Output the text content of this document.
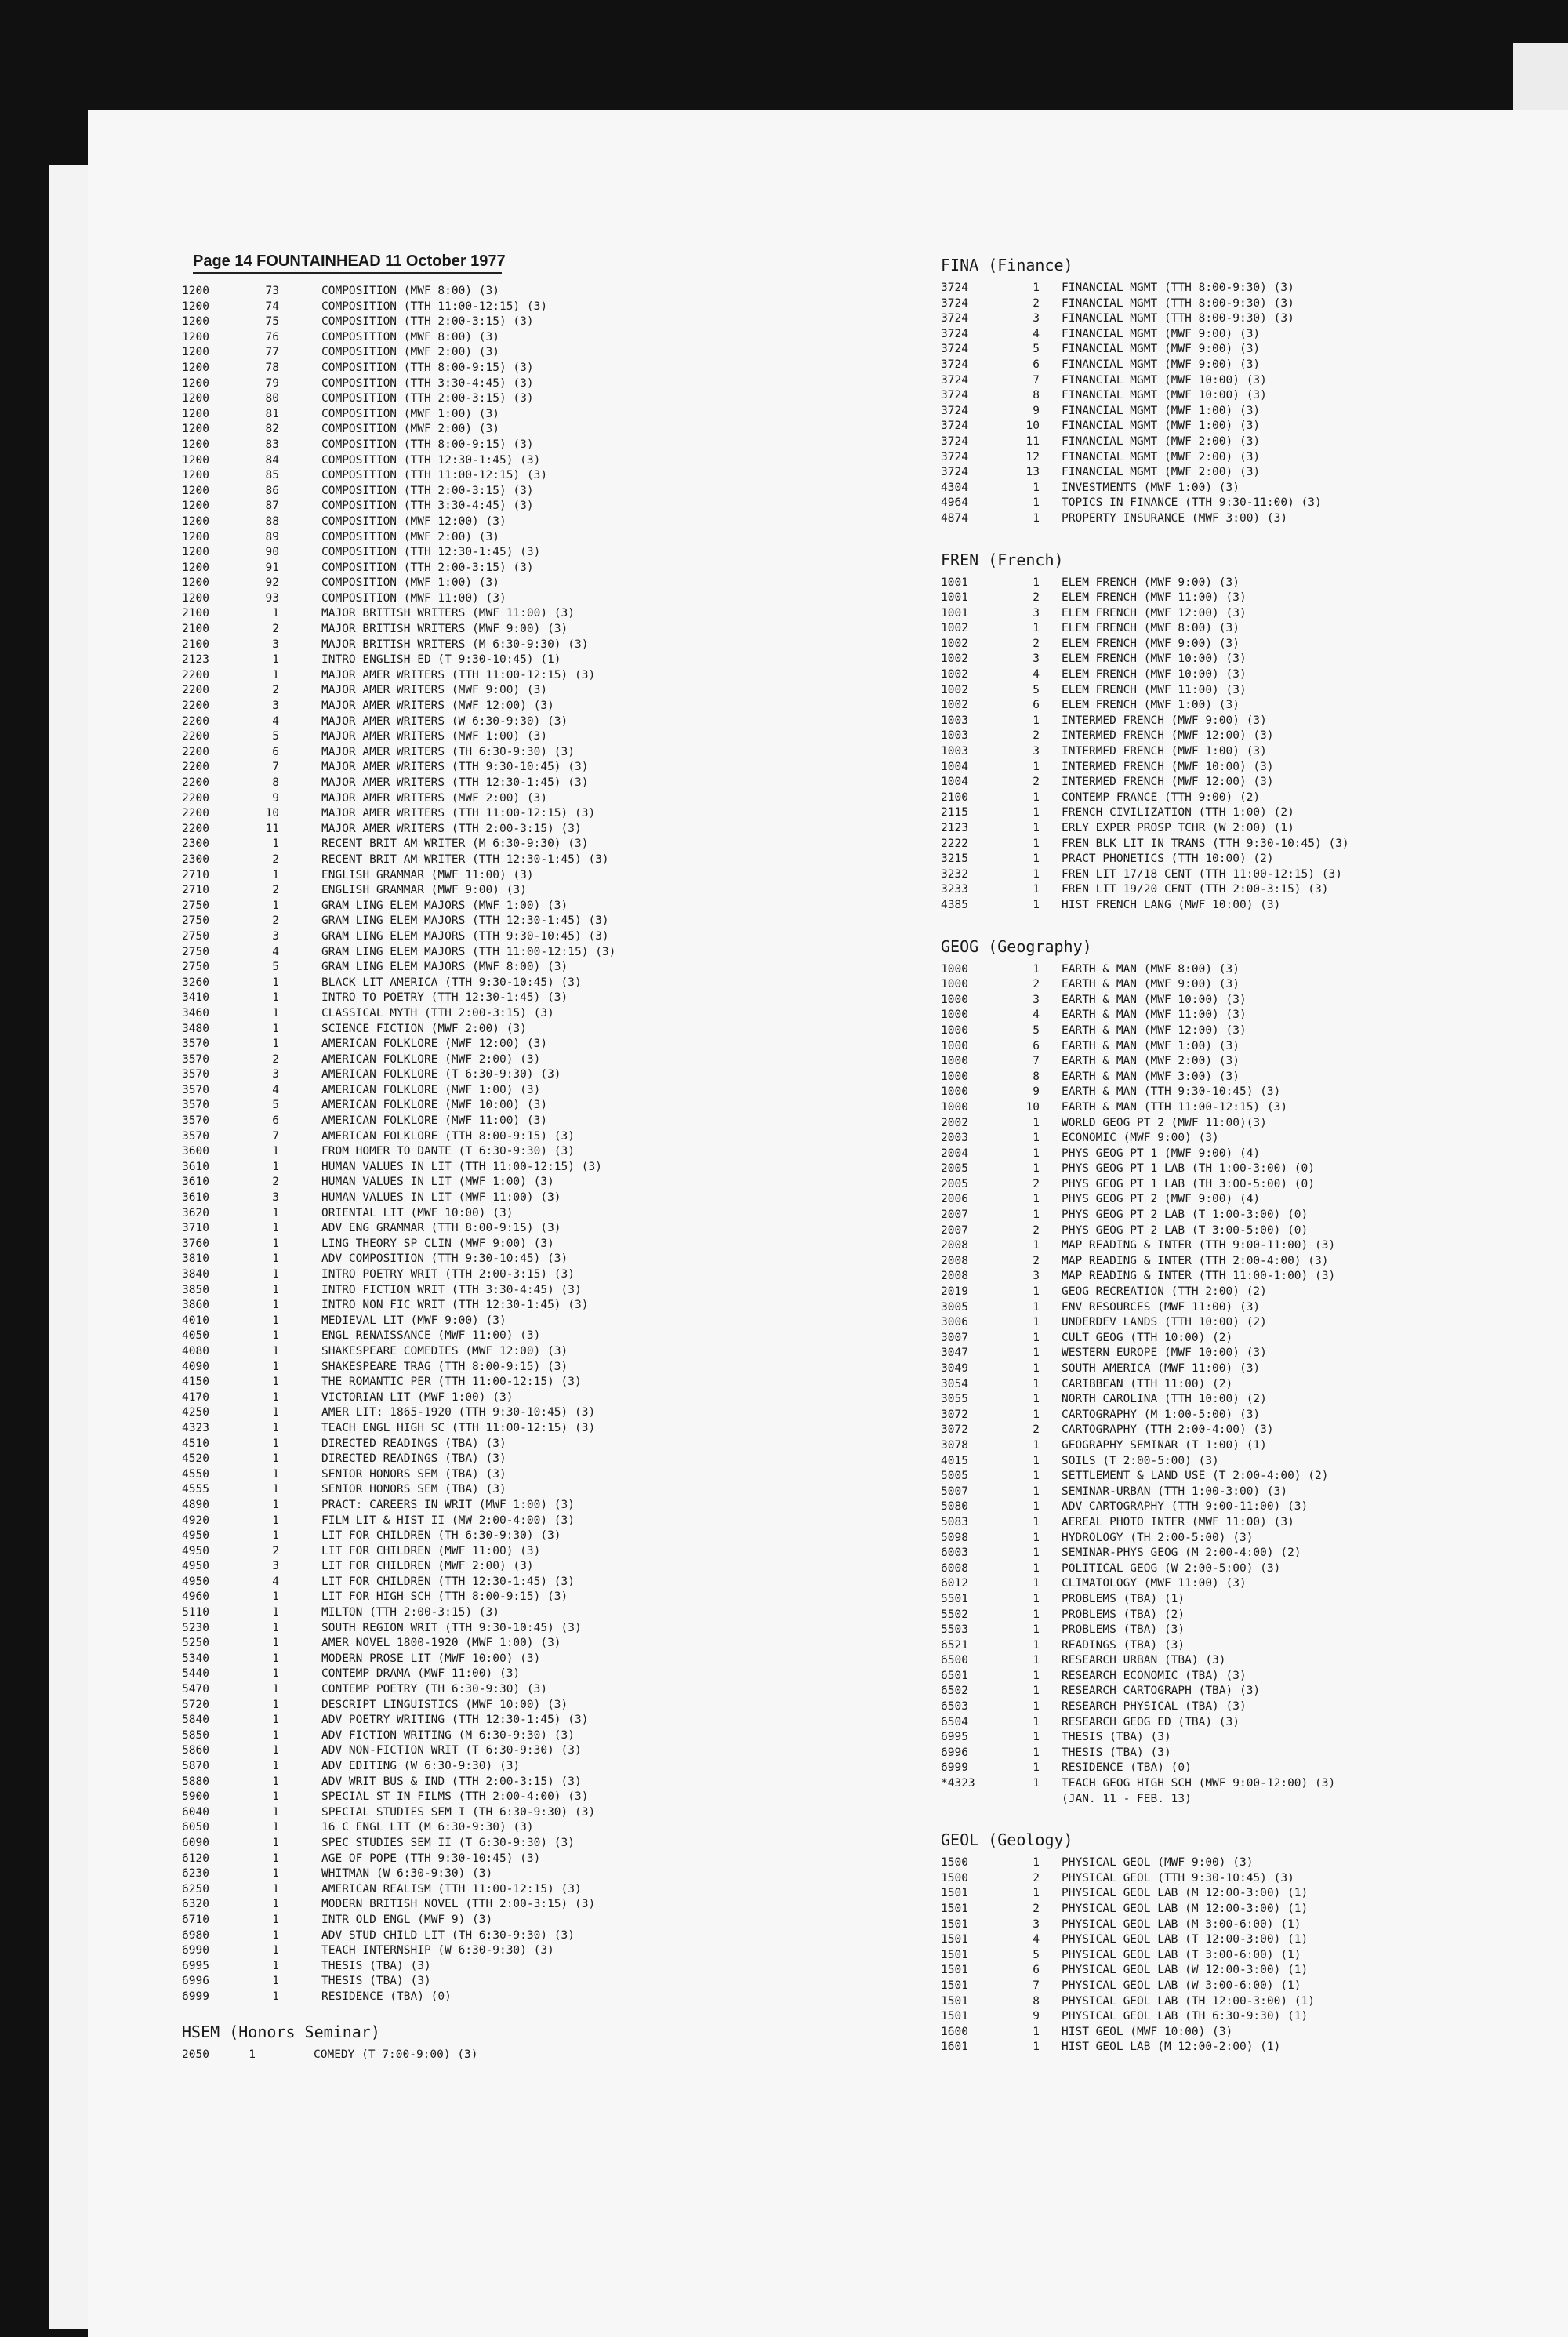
Page 14 FOUNTAINHEAD 11 October 1977
1200	73	COMPOSITION (MWF 8:00) (3)
1200	74	COMPOSITION (TTH 11:00-12:15) (3)
1200	75	COMPOSITION (TTH 2:00-3:15) (3)
1200	76	COMPOSITION (MWF 8:00) (3)
1200	77	COMPOSITION (MWF 2:00) (3)
1200	78	COMPOSITION (TTH 8:00-9:15) (3)
1200	79	COMPOSITION (TTH 3:30-4:45) (3)
1200	80	COMPOSITION (TTH 2:00-3:15) (3)
1200	81	COMPOSITION (MWF 1:00) (3)
1200	82	COMPOSITION (MWF 2:00) (3)
1200	83	COMPOSITION (TTH 8:00-9:15) (3)
1200	84	COMPOSITION (TTH 12:30-1:45) (3)
1200	85	COMPOSITION (TTH 11:00-12:15) (3)
1200	86	COMPOSITION (TTH 2:00-3:15) (3)
1200	87	COMPOSITION (TTH 3:30-4:45) (3)
1200	88	COMPOSITION (MWF 12:00) (3)
1200	89	COMPOSITION (MWF 2:00) (3)
1200	90	COMPOSITION (TTH 12:30-1:45) (3)
1200	91	COMPOSITION (TTH 2:00-3:15) (3)
1200	92	COMPOSITION (MWF 1:00) (3)
1200	93	COMPOSITION (MWF 11:00) (3)
2100	1	MAJOR BRITISH WRITERS (MWF 11:00) (3)
2100	2	MAJOR BRITISH WRITERS (MWF 9:00) (3)
2100	3	MAJOR BRITISH WRITERS (M 6:30-9:30) (3)
2123	1	INTRO ENGLISH ED (T 9:30-10:45) (1)
2200	1	MAJOR AMER WRITERS (TTH 11:00-12:15) (3)
2200	2	MAJOR AMER WRITERS (MWF 9:00) (3)
2200	3	MAJOR AMER WRITERS (MWF 12:00) (3)
2200	4	MAJOR AMER WRITERS (W 6:30-9:30) (3)
2200	5	MAJOR AMER WRITERS (MWF 1:00) (3)
2200	6	MAJOR AMER WRITERS (TH 6:30-9:30) (3)
2200	7	MAJOR AMER WRITERS (TTH 9:30-10:45) (3)
2200	8	MAJOR AMER WRITERS (TTH 12:30-1:45) (3)
2200	9	MAJOR AMER WRITERS (MWF 2:00) (3)
2200	10	MAJOR AMER WRITERS (TTH 11:00-12:15) (3)
2200	11	MAJOR AMER WRITERS (TTH 2:00-3:15) (3)
2300	1	RECENT BRIT AM WRITER (M 6:30-9:30) (3)
2300	2	RECENT BRIT AM WRITER (TTH 12:30-1:45) (3)
2710	1	ENGLISH GRAMMAR (MWF 11:00) (3)
2710	2	ENGLISH GRAMMAR (MWF 9:00) (3)
2750	1	GRAM LING ELEM MAJORS (MWF 1:00) (3)
2750	2	GRAM LING ELEM MAJORS (TTH 12:30-1:45) (3)
2750	3	GRAM LING ELEM MAJORS (TTH 9:30-10:45) (3)
2750	4	GRAM LING ELEM MAJORS (TTH 11:00-12:15) (3)
2750	5	GRAM LING ELEM MAJORS (MWF 8:00) (3)
3260	1	BLACK LIT AMERICA (TTH 9:30-10:45) (3)
3410	1	INTRO TO POETRY (TTH 12:30-1:45) (3)
3460	1	CLASSICAL MYTH (TTH 2:00-3:15) (3)
3480	1	SCIENCE FICTION (MWF 2:00) (3)
3570	1	AMERICAN FOLKLORE (MWF 12:00) (3)
3570	2	AMERICAN FOLKLORE (MWF 2:00) (3)
3570	3	AMERICAN FOLKLORE (T 6:30-9:30) (3)
3570	4	AMERICAN FOLKLORE (MWF 1:00) (3)
3570	5	AMERICAN FOLKLORE (MWF 10:00) (3)
3570	6	AMERICAN FOLKLORE (MWF 11:00) (3)
3570	7	AMERICAN FOLKLORE (TTH 8:00-9:15) (3)
3600	1	FROM HOMER TO DANTE (T 6:30-9:30) (3)
3610	1	HUMAN VALUES IN LIT (TTH 11:00-12:15) (3)
3610	2	HUMAN VALUES IN LIT (MWF 1:00) (3)
3610	3	HUMAN VALUES IN LIT (MWF 11:00) (3)
3620	1	ORIENTAL LIT (MWF 10:00) (3)
3710	1	ADV ENG GRAMMAR (TTH 8:00-9:15) (3)
3760	1	LING THEORY SP CLIN (MWF 9:00) (3)
3810	1	ADV COMPOSITION (TTH 9:30-10:45) (3)
3840	1	INTRO POETRY WRIT (TTH 2:00-3:15) (3)
3850	1	INTRO FICTION WRIT (TTH 3:30-4:45) (3)
3860	1	INTRO NON FIC WRIT (TTH 12:30-1:45) (3)
4010	1	MEDIEVAL LIT (MWF 9:00) (3)
4050	1	ENGL RENAISSANCE (MWF 11:00) (3)
4080	1	SHAKESPEARE COMEDIES (MWF 12:00) (3)
4090	1	SHAKESPEARE TRAG (TTH 8:00-9:15) (3)
4150	1	THE ROMANTIC PER (TTH 11:00-12:15) (3)
4170	1	VICTORIAN LIT (MWF 1:00) (3)
4250	1	AMER LIT: 1865-1920 (TTH 9:30-10:45) (3)
4323	1	TEACH ENGL HIGH SC (TTH 11:00-12:15) (3)
4510	1	DIRECTED READINGS (TBA) (3)
4520	1	DIRECTED READINGS (TBA) (3)
4550	1	SENIOR HONORS SEM (TBA) (3)
4555	1	SENIOR HONORS SEM (TBA) (3)
4890	1	PRACT: CAREERS IN WRIT (MWF 1:00) (3)
4920	1	FILM LIT & HIST II (MW 2:00-4:00) (3)
4950	1	LIT FOR CHILDREN (TH 6:30-9:30) (3)
4950	2	LIT FOR CHILDREN (MWF 11:00) (3)
4950	3	LIT FOR CHILDREN (MWF 2:00) (3)
4950	4	LIT FOR CHILDREN (TTH 12:30-1:45) (3)
4960	1	LIT FOR HIGH SCH (TTH 8:00-9:15) (3)
5110	1	MILTON (TTH 2:00-3:15) (3)
5230	1	SOUTH REGION WRIT (TTH 9:30-10:45) (3)
5250	1	AMER NOVEL 1800-1920 (MWF 1:00) (3)
5340	1	MODERN PROSE LIT (MWF 10:00) (3)
5440	1	CONTEMP DRAMA (MWF 11:00) (3)
5470	1	CONTEMP POETRY (TH 6:30-9:30) (3)
5720	1	DESCRIPT LINGUISTICS (MWF 10:00) (3)
5840	1	ADV POETRY WRITING (TTH 12:30-1:45) (3)
5850	1	ADV FICTION WRITING (M 6:30-9:30) (3)
5860	1	ADV NON-FICTION WRIT (T 6:30-9:30) (3)
5870	1	ADV EDITING (W 6:30-9:30) (3)
5880	1	ADV WRIT BUS & IND (TTH 2:00-3:15) (3)
5900	1	SPECIAL ST IN FILMS (TTH 2:00-4:00) (3)
6040	1	SPECIAL STUDIES SEM I (TH 6:30-9:30) (3)
6050	1	16 C ENGL LIT (M 6:30-9:30) (3)
6090	1	SPEC STUDIES SEM II (T 6:30-9:30) (3)
6120	1	AGE OF POPE (TTH 9:30-10:45) (3)
6230	1	WHITMAN (W 6:30-9:30) (3)
6250	1	AMERICAN REALISM (TTH 11:00-12:15) (3)
6320	1	MODERN BRITISH NOVEL (TTH 2:00-3:15) (3)
6710	1	INTR OLD ENGL (MWF 9) (3)
6980	1	ADV STUD CHILD LIT (TH 6:30-9:30) (3)
6990	1	TEACH INTERNSHIP (W 6:30-9:30) (3)
6995	1	THESIS (TBA) (3)
6996	1	THESIS (TBA) (3)
6999	1	RESIDENCE (TBA) (0)
HSEM (Honors Seminar)
2050	1	COMEDY (T 7:00-9:00) (3)
FINA (Finance)
3724	1 FINANCIAL MGMT (TTH 8:00-9:30) (3)
3724	2 FINANCIAL MGMT (TTH 8:00-9:30) (3)
3724	3 FINANCIAL MGMT (TTH 8:00-9:30) (3)
3724	4 FINANCIAL MGMT (MWF 9:00) (3)
3724	5 FINANCIAL MGMT (MWF 9:00) (3)
3724	6 FINANCIAL MGMT (MWF 9:00) (3)
3724	7 FINANCIAL MGMT (MWF 10:00) (3)
3724	8 FINANCIAL MGMT (MWF 10:00) (3)
3724	9 FINANCIAL MGMT (MWF 1:00) (3)
3724	10 FINANCIAL MGMT (MWF 1:00) (3)
3724	11 FINANCIAL MGMT (MWF 2:00) (3)
3724	12 FINANCIAL MGMT (MWF 2:00) (3)
3724	13 FINANCIAL MGMT (MWF 2:00) (3)
4304	1 INVESTMENTS (MWF 1:00) (3)
4964	1 TOPICS IN FINANCE (TTH 9:30-11:00) (3)
4874	1 PROPERTY INSURANCE (MWF 3:00) (3)
FREN (French)
1001	1 ELEM FRENCH (MWF 9:00) (3)
1001	2 ELEM FRENCH (MWF 11:00) (3)
1001	3 ELEM FRENCH (MWF 12:00) (3)
1002	1 ELEM FRENCH (MWF 8:00) (3)
1002	2 ELEM FRENCH (MWF 9:00) (3)
1002	3 ELEM FRENCH (MWF 10:00) (3)
1002	4 ELEM FRENCH (MWF 10:00) (3)
1002	5 ELEM FRENCH (MWF 11:00) (3)
1002	6 ELEM FRENCH (MWF 1:00) (3)
1003	1 INTERMED FRENCH (MWF 9:00) (3)
1003	2 INTERMED FRENCH (MWF 12:00) (3)
1003	3 INTERMED FRENCH (MWF 1:00) (3)
1004	1 INTERMED FRENCH (MWF 10:00) (3)
1004	2 INTERMED FRENCH (MWF 12:00) (3)
2100	1 CONTEMP FRANCE (TTH 9:00) (2)
2115	1 FRENCH CIVILIZATION (TTH 1:00) (2)
2123	1 ERLY EXPER PROSP TCHR (W 2:00) (1)
2222	1 FREN BLK LIT IN TRANS (TTH 9:30-10:45) (3)
3215	1 PRACT PHONETICS (TTH 10:00) (2)
3232	1 FREN LIT 17/18 CENT (TTH 11:00-12:15) (3)
3233	1 FREN LIT 19/20 CENT (TTH 2:00-3:15) (3)
4385	1 HIST FRENCH LANG (MWF 10:00) (3)
GEOG (Geography)
1000	1 EARTH & MAN (MWF 8:00) (3)
1000	2 EARTH & MAN (MWF 9:00) (3)
1000	3 EARTH & MAN (MWF 10:00) (3)
1000	4 EARTH & MAN (MWF 11:00) (3)
1000	5 EARTH & MAN (MWF 12:00) (3)
1000	6 EARTH & MAN (MWF 1:00) (3)
1000	7 EARTH & MAN (MWF 2:00) (3)
1000	8 EARTH & MAN (MWF 3:00) (3)
1000	9 EARTH & MAN (TTH 9:30-10:45) (3)
1000	10 EARTH & MAN (TTH 11:00-12:15) (3)
2002	1 WORLD GEOG PT 2 (MWF 11:00)(3)
2003	1 ECONOMIC (MWF 9:00) (3)
2004	1 PHYS GEOG PT 1 (MWF 9:00) (4)
2005	1 PHYS GEOG PT 1 LAB (TH 1:00-3:00) (0)
2005	2 PHYS GEOG PT 1 LAB (TH 3:00-5:00) (0)
2006	1 PHYS GEOG PT 2 (MWF 9:00) (4)
2007	1 PHYS GEOG PT 2 LAB (T 1:00-3:00) (0)
2007	2 PHYS GEOG PT 2 LAB (T 3:00-5:00) (0)
2008	1 MAP READING & INTER (TTH 9:00-11:00) (3)
2008	2 MAP READING & INTER (TTH 2:00-4:00) (3)
2008	3 MAP READING & INTER (TTH 11:00-1:00) (3)
2019	1 GEOG RECREATION (TTH 2:00) (2)
3005	1 ENV RESOURCES (MWF 11:00) (3)
3006	1 UNDERDEV LANDS (TTH 10:00) (2)
3007	1 CULT GEOG (TTH 10:00) (2)
3047	1 WESTERN EUROPE (MWF 10:00) (3)
3049	1 SOUTH AMERICA (MWF 11:00) (3)
3054	1 CARIBBEAN (TTH 11:00) (2)
3055	1 NORTH CAROLINA (TTH 10:00) (2)
3072	1 CARTOGRAPHY (M 1:00-5:00) (3)
3072	2 CARTOGRAPHY (TTH 2:00-4:00) (3)
3078	1 GEOGRAPHY SEMINAR (T 1:00) (1)
4015	1 SOILS (T 2:00-5:00) (3)
5005	1 SETTLEMENT & LAND USE (T 2:00-4:00) (2)
5007	1 SEMINAR-URBAN (TTH 1:00-3:00) (3)
5080	1 ADV CARTOGRAPHY (TTH 9:00-11:00) (3)
5083	1 AEREAL PHOTO INTER (MWF 11:00) (3)
5098	1 HYDROLOGY (TH 2:00-5:00) (3)
6003	1 SEMINAR-PHYS GEOG (M 2:00-4:00) (2)
6008	1 POLITICAL GEOG (W 2:00-5:00) (3)
6012	1 CLIMATOLOGY (MWF 11:00) (3)
5501	1 PROBLEMS (TBA) (1)
5502	1 PROBLEMS (TBA) (2)
5503	1 PROBLEMS (TBA) (3)
6521	1 READINGS (TBA) (3)
6500	1 RESEARCH URBAN (TBA) (3)
6501	1 RESEARCH ECONOMIC (TBA) (3)
6502	1 RESEARCH CARTOGRAPH (TBA) (3)
6503	1 RESEARCH PHYSICAL (TBA) (3)
6504	1 RESEARCH GEOG ED (TBA) (3)
6995	1 THESIS (TBA) (3)
6996	1 THESIS (TBA) (3)
6999	1 RESIDENCE (TBA) (0)
*4323	1 TEACH GEOG HIGH SCH (MWF 9:00-12:00) (3)
(JAN. 11 - FEB. 13)
GEOL (Geology)
1500	1 PHYSICAL GEOL (MWF 9:00) (3)
1500	2 PHYSICAL GEOL (TTH 9:30-10:45) (3)
1501	1 PHYSICAL GEOL LAB (M 12:00-3:00) (1)
1501	2 PHYSICAL GEOL LAB (M 12:00-3:00) (1)
1501	3 PHYSICAL GEOL LAB (M 3:00-6:00) (1)
1501	4 PHYSICAL GEOL LAB (T 12:00-3:00) (1)
1501	5 PHYSICAL GEOL LAB (T 3:00-6:00) (1)
1501	6 PHYSICAL GEOL LAB (W 12:00-3:00) (1)
1501	7 PHYSICAL GEOL LAB (W 3:00-6:00) (1)
1501	8 PHYSICAL GEOL LAB (TH 12:00-3:00) (1)
1501	9 PHYSICAL GEOL LAB (TH 6:30-9:30) (1)
1600	1 HIST GEOL (MWF 10:00) (3)
1601	1 HIST GEOL LAB (M 12:00-2:00) (1)
